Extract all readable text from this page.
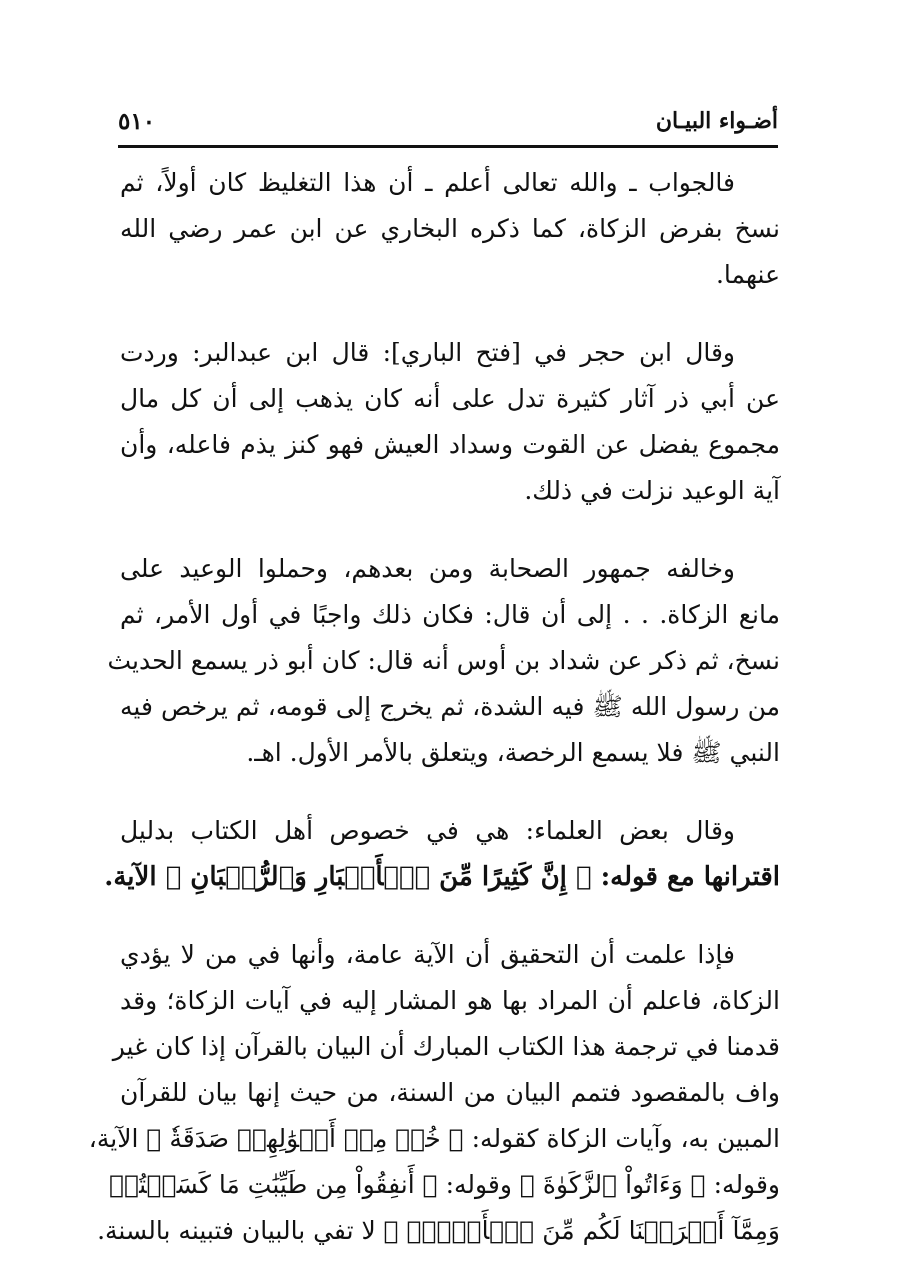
أضـواء البيـان
٥١٠

فالجواب ـ والله تعالى أعلم ـ أن هذا التغليظ كان أولاً، ثم
نسخ بفرض الزكاة، كما ذكره البخاري عن ابن عمر رضي الله
عنهما.

وقال ابن حجر في [فتح الباري]: قال ابن عبدالبر: وردت
عن أبي ذر آثار كثيرة تدل على أنه كان يذهب إلى أن كل مال
مجموع يفضل عن القوت وسداد العيش فهو كنز يذم فاعله، وأن
آية الوعيد نزلت في ذلك.

وخالفه جمهور الصحابة ومن بعدهم، وحملوا الوعيد على
مانع الزكاة. . . إلى أن قال: فكان ذلك واجبًا في أول الأمر، ثم
نسخ، ثم ذكر عن شداد بن أوس أنه قال: كان أبو ذر يسمع الحديث
من رسول الله ﷺ فيه الشدة، ثم يخرج إلى قومه، ثم يرخص فيه
النبي ﷺ فلا يسمع الرخصة، ويتعلق بالأمر الأول. اهـ.

وقال بعض العلماء: هي في خصوص أهل الكتاب بدليل
اقترانها مع قوله: ﴿ إِنَّ كَثِيرًا مِّنَ ٱلۡأَحۡبَارِ وَٱلرُّهۡبَانِ ﴾ الآية.

فإذا علمت أن التحقيق أن الآية عامة، وأنها في من لا يؤدي
الزكاة، فاعلم أن المراد بها هو المشار إليه في آيات الزكاة؛ وقد
قدمنا في ترجمة هذا الكتاب المبارك أن البيان بالقرآن إذا كان غير
واف بالمقصود فتمم البيان من السنة، من حيث إنها بيان للقرآن
المبين به، وآيات الزكاة كقوله: ﴿ خُذۡ مِنۡ أَمۡوَٰلِهِمۡ صَدَقَةٗ ﴾ الآية،
وقوله: ﴿ وَءَاتُواْ ٱلزَّكَوٰةَ ﴾ وقوله: ﴿ أَنفِقُواْ مِن طَيِّبَٰتِ مَا كَسَبۡتُمۡ
وَمِمَّآ أَخۡرَجۡنَا لَكُم مِّنَ ٱلۡأَرۡضِۖ ﴾ لا تفي بالبيان فتبينه بالسنة.
